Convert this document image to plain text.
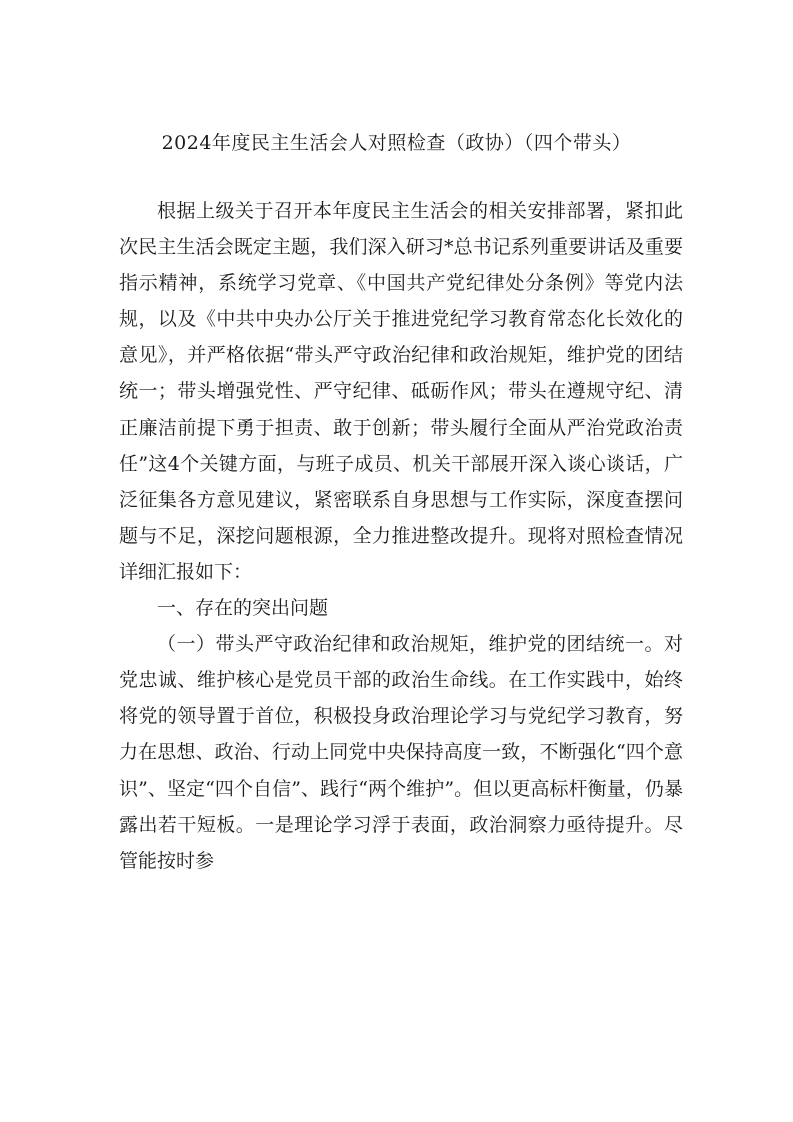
2024年度民主生活会人对照检查（政协）（四个带头）

根据上级关于召开本年度民主生活会的相关安排部署，紧扣此次民主生活会既定主题，我们深入研习*总书记系列重要讲话及重要指示精神，系统学习党章、《中国共产党纪律处分条例》等党内法规，以及《中共中央办公厅关于推进党纪学习教育常态化长效化的意见》，并严格依据“带头严守政治纪律和政治规矩，维护党的团结统一；带头增强党性、严守纪律、砥砺作风；带头在遵规守纪、清正廉洁前提下勇于担责、敢于创新；带头履行全面从严治党政治责任”这4个关键方面，与班子成员、机关干部展开深入谈心谈话，广泛征集各方意见建议，紧密联系自身思想与工作实际，深度查摆问题与不足，深挖问题根源，全力推进整改提升。现将对照检查情况详细汇报如下：

一、存在的突出问题

（一）带头严守政治纪律和政治规矩，维护党的团结统一。对党忠诚、维护核心是党员干部的政治生命线。在工作实践中，始终将党的领导置于首位，积极投身政治理论学习与党纪学习教育，努力在思想、政治、行动上同党中央保持高度一致，不断强化“四个意识”、坚定“四个自信”、践行“两个维护”。但以更高标杆衡量，仍暴露出若干短板。一是理论学习浮于表面，政治洞察力亟待提升。尽管能按时参
